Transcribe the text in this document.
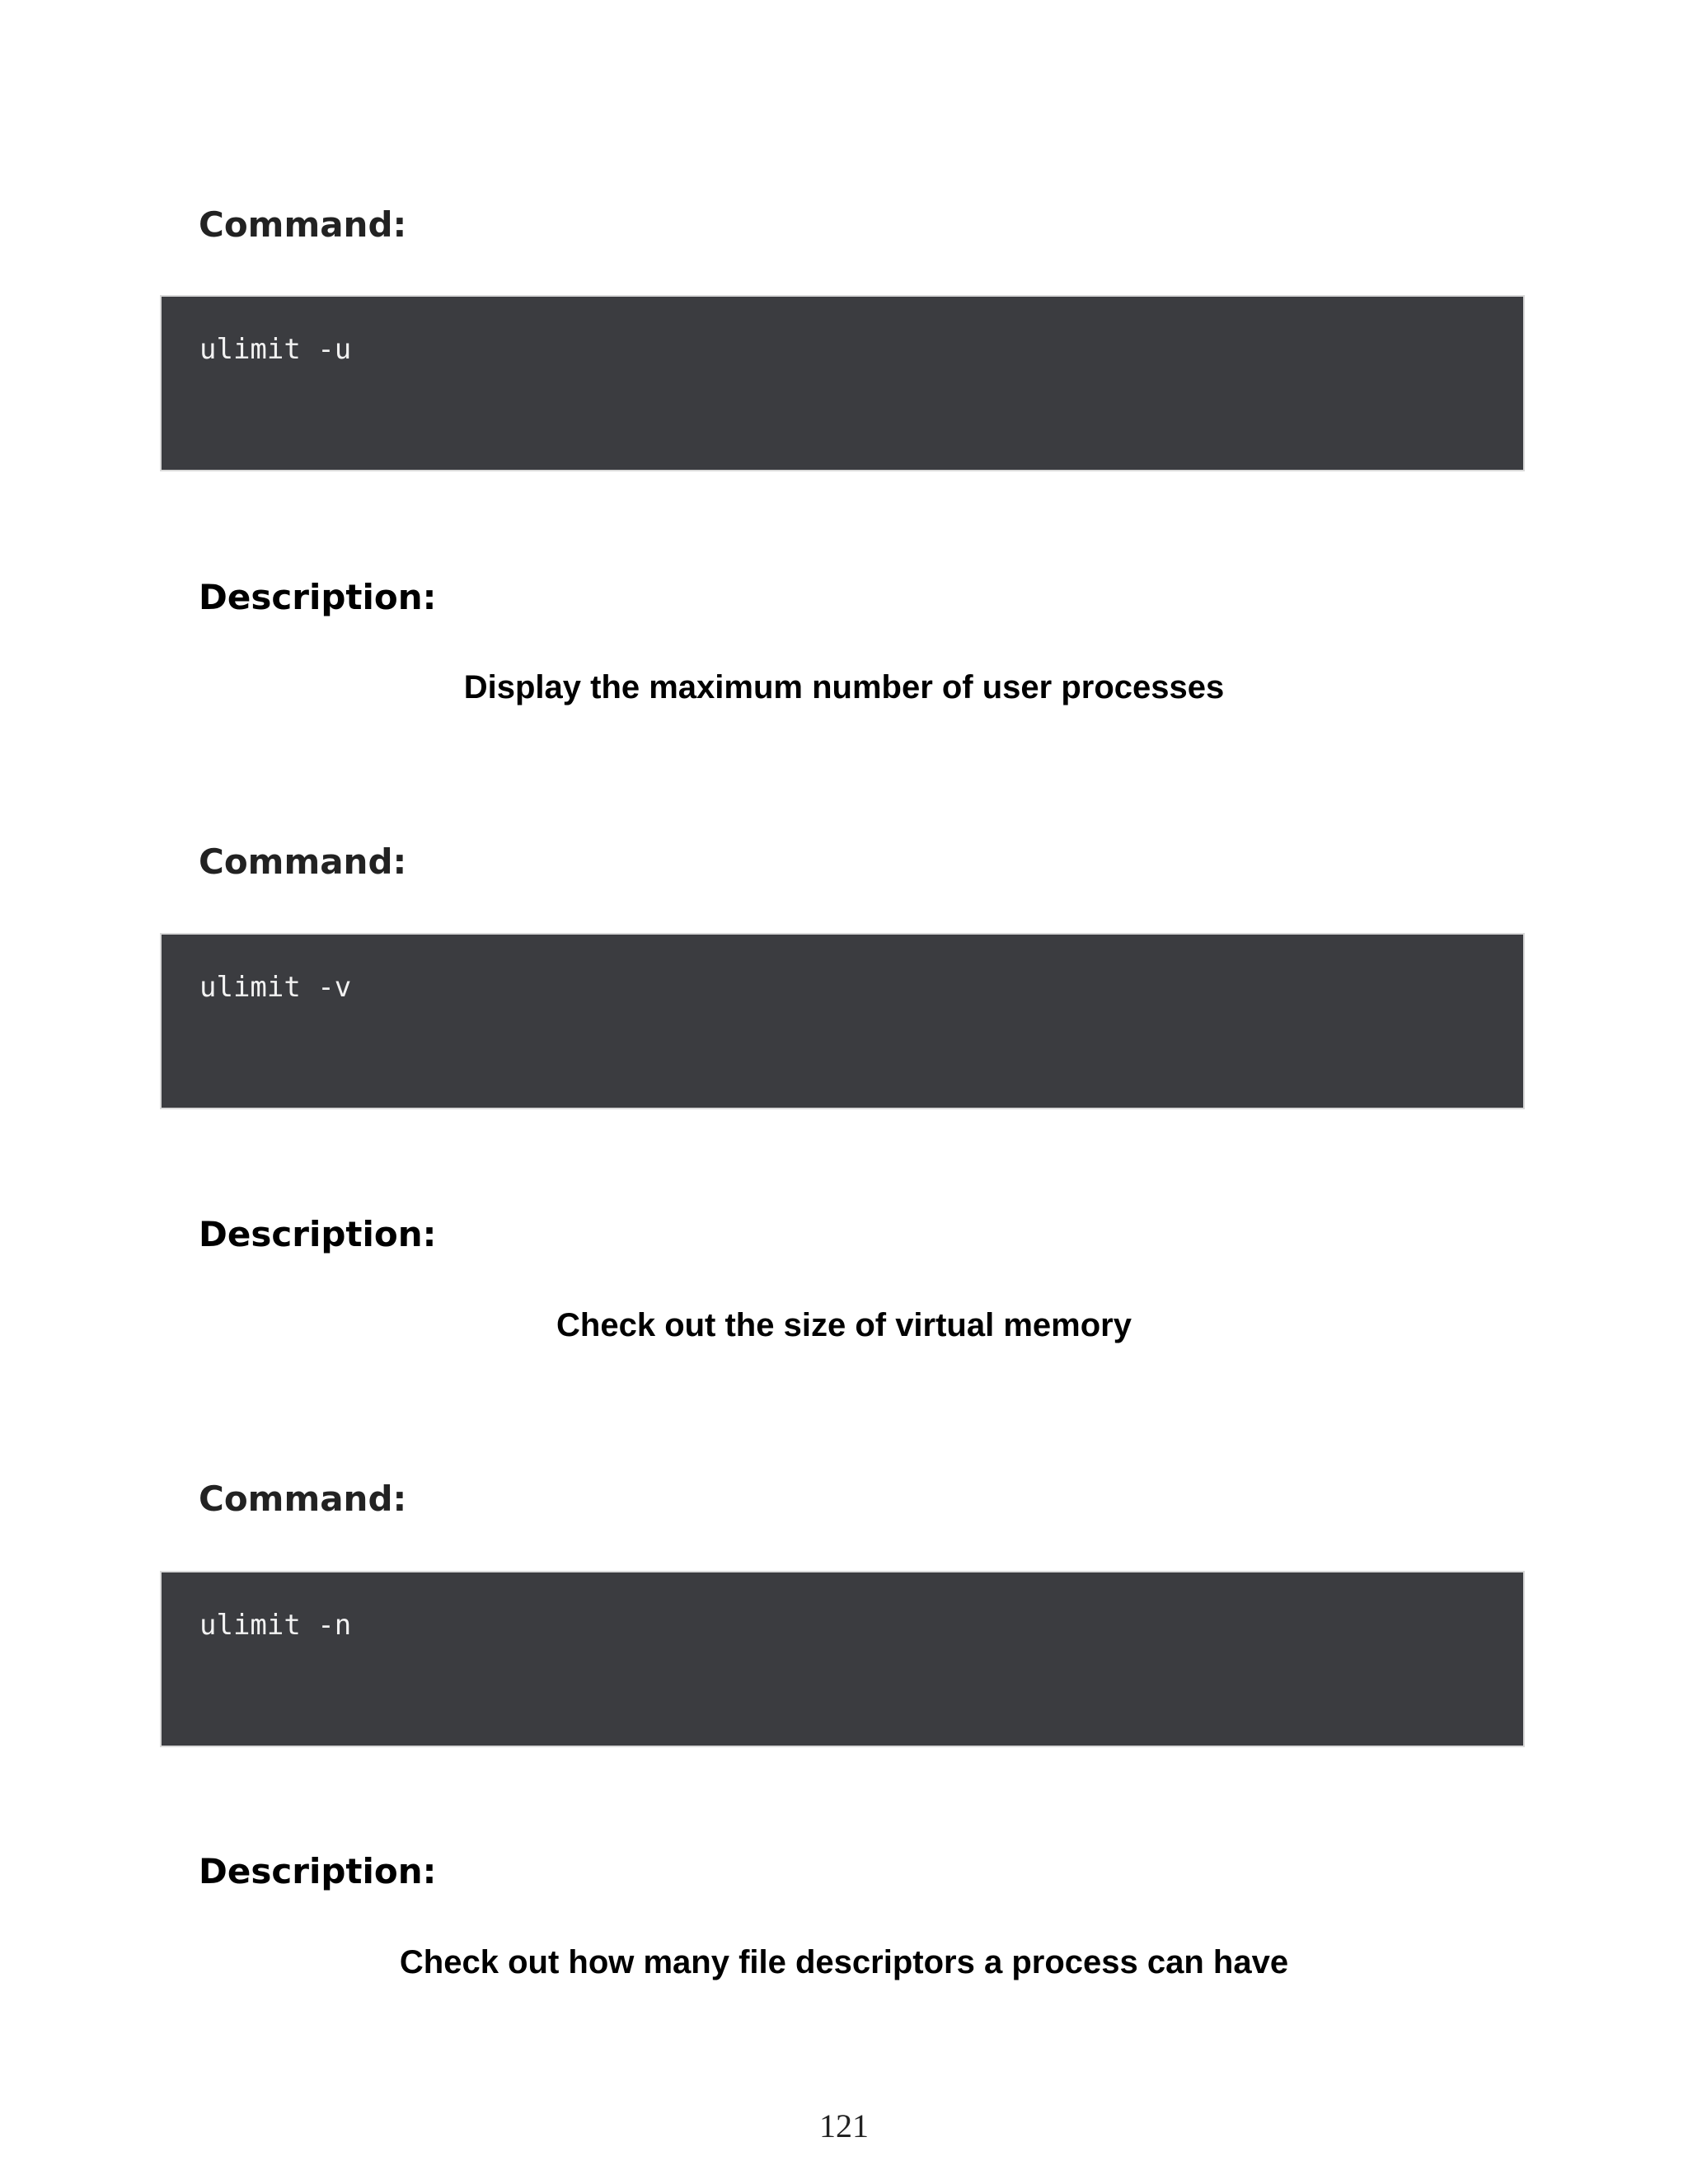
Command:
ulimit -u
Description:

Display the maximum number of user processes

Command:
ulimit -v
Description:

Check out the size of virtual memory

Command:
ulimit -n
Description:

Check out how many file descriptors a process can have

121
